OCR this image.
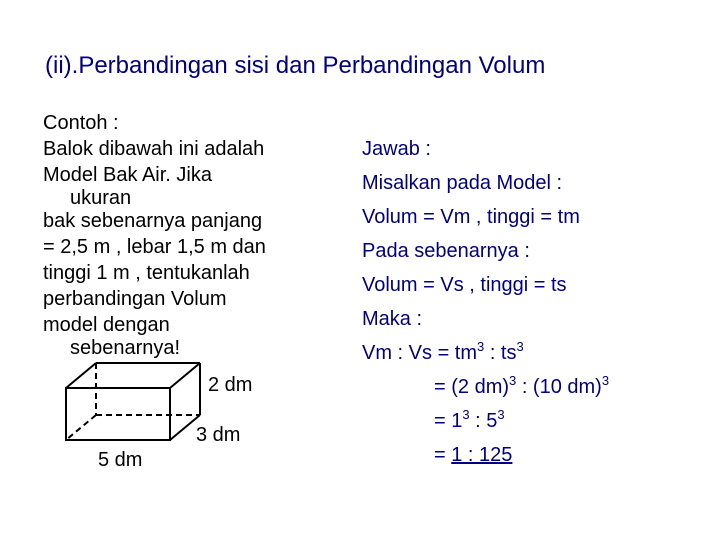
(ii).Perbandingan sisi dan Perbandingan Volum
Contoh :
Balok dibawah ini adalah
Model Bak Air. Jika
ukuran
bak sebenarnya panjang
= 2,5 m , lebar 1,5 m dan
tinggi 1 m , tentukanlah
perbandingan Volum
model dengan
sebenarnya!
2 dm
3 dm
5 dm
Jawab :
Misalkan pada Model :
Volum = Vm , tinggi = tm
Pada sebenarnya :
Volum = Vs , tinggi = ts
Maka :
Vm : $Vs = tm^3$ : $ts^3$
= (2 dm)$^3$ : (10 dm)$^3$
= $1^3$ : $5^3$
= 1 : 125
